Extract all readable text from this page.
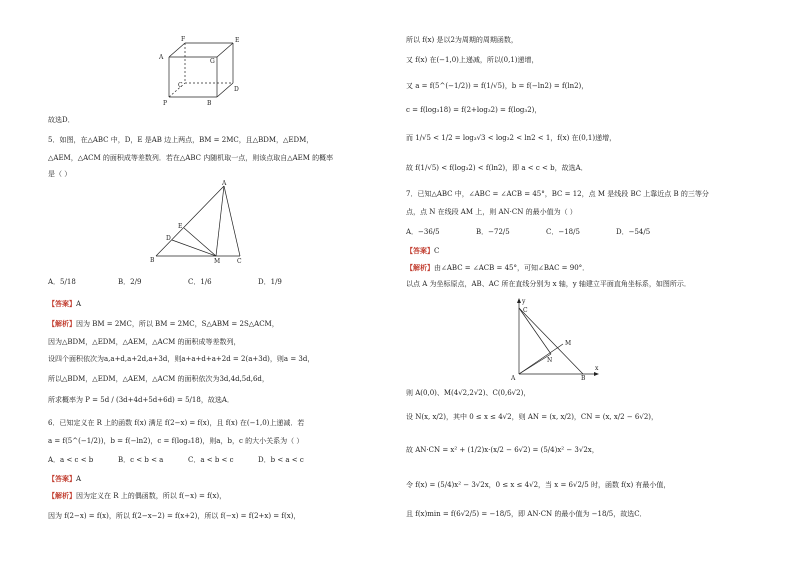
A
E
F
G
C
D
P	B
故选D．
5．如图，在△ABC 中，D，E 是AB 边上两点，BM = 2MC，且△BDM，△EDM，
△AEM，△ACM 的面积成等差数列．若在△ABC 内随机取一点，则该点取自△AEM 的概率
是（ ）
A
E
D
B	M	C
A．5/18	B．2/9	C．1/6	D．1/9
【答案】A
【解析】因为 BM = 2MC，所以 BM = 2MC，S△ABM = 2S△ACM，
因为△BDM，△EDM，△AEM，△ACM 的面积成等差数列，
设四个面积依次为a,a+d,a+2d,a+3d，则a+a+d+a+2d = 2(a+3d)，则a = 3d，
所以△BDM，△EDM，△AEM，△ACM 的面积依次为3d,4d,5d,6d，
所求概率为 P = 5d / (3d+4d+5d+6d) = 5/18，故选A．
6．已知定义在 R 上的函数 f(x) 满足 f(2−x) = f(x)，且 f(x) 在(−1,0)上递减．若
a = f(5^(−1/2))，b = f(−ln2)，c = f(log₃18)，则a，b，c 的大小关系为（ ）
A．a < c < b	B．c < b < a	C．a < b < c	D．b < a < c
【答案】A
【解析】因为定义在 R 上的偶函数，所以 f(−x) = f(x)，
因为 f(2−x) = f(x)，所以 f(2−x−2) = f(x+2)，所以 f(−x) = f(2+x) = f(x)，
所以 f(x) 是以2为周期的周期函数，
又 f(x) 在(−1,0)上递减，所以(0,1)递增，
又 a = f(5^(−1/2)) = f(1/√5)，b = f(−ln2) = f(ln2)，
c = f(log₃18) = f(2+log₃2) = f(log₃2)，
而 1/√5 < 1/2 = log₃√3 < log₃2 < ln2 < 1，f(x) 在(0,1)递增，
故 f(1/√5) < f(log₃2) < f(ln2)，即 a < c < b，故选A．
7．已知△ABC 中，∠ABC = ∠ACB = 45°，BC = 12，点 M 是线段 BC 上靠近点 B 的三等分
点，点 N 在线段 AM 上，则 AN·CN 的最小值为（ ）
A．−36/5	B．−72/5	C．−18/5	D．−54/5
【答案】C
【解析】由∠ABC = ∠ACB = 45°，可知∠BAC = 90°．
以点 A 为坐标原点，AB、AC 所在直线分别为 x 轴，y 轴建立平面直角坐标系，如图所示．
y
C
M
N
A	B
x
则 A(0,0)、M(4√2,2√2)、C(0,6√2)，
设 N(x, x/2)，其中 0 ≤ x ≤ 4√2，则 AN = (x, x/2)，CN = (x, x/2 − 6√2)，
故 AN·CN = x² + (1/2)x·(x/2 − 6√2) = (5/4)x² − 3√2x，
令 f(x) = (5/4)x² − 3√2x，0 ≤ x ≤ 4√2，当 x = 6√2/5 时，函数 f(x) 有最小值，
且 f(x)min = f(6√2/5) = −18/5，即 AN·CN 的最小值为 −18/5，故选C．
